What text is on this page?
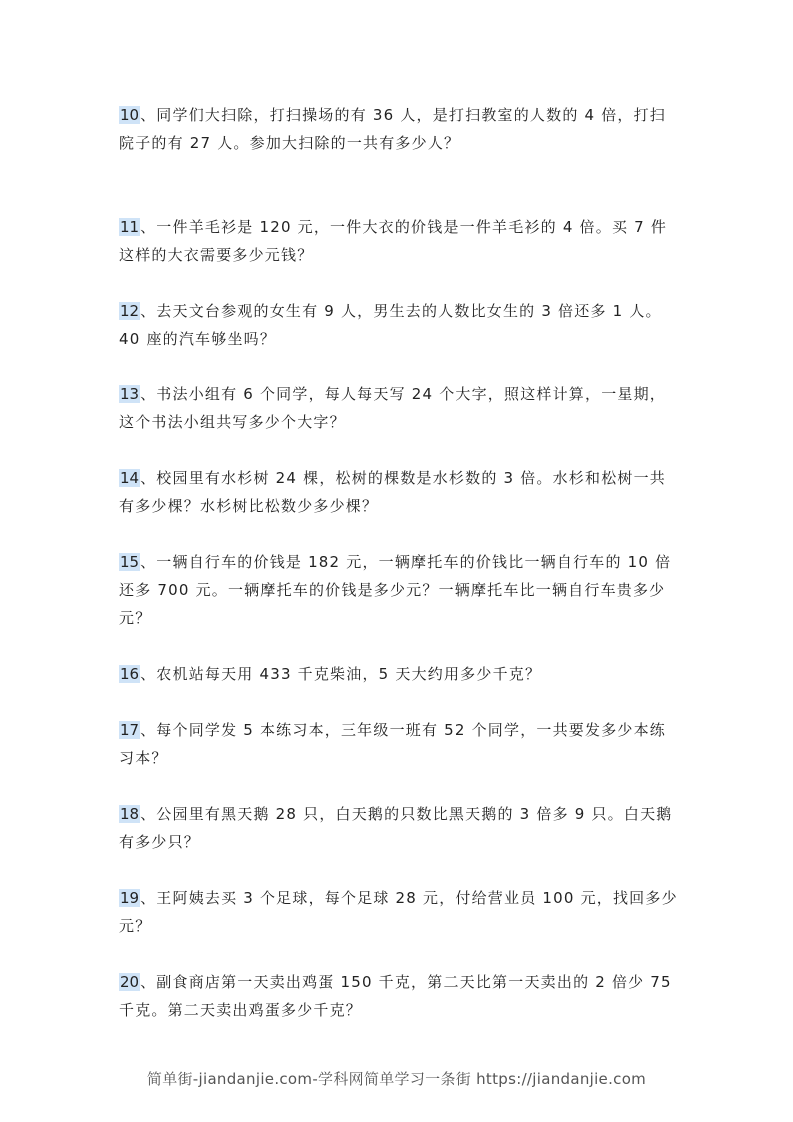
10、同学们大扫除，打扫操场的有 36 人，是打扫教室的人数的 4 倍，打扫院子的有 27 人。参加大扫除的一共有多少人？

11、一件羊毛衫是 120 元，一件大衣的价钱是一件羊毛衫的 4 倍。买 7 件这样的大衣需要多少元钱？

12、去天文台参观的女生有 9 人，男生去的人数比女生的 3 倍还多 1 人。40 座的汽车够坐吗？

13、书法小组有 6 个同学，每人每天写 24 个大字，照这样计算，一星期，这个书法小组共写多少个大字？

14、校园里有水杉树 24 棵，松树的棵数是水杉数的 3 倍。水杉和松树一共有多少棵？水杉树比松数少多少棵？

15、一辆自行车的价钱是 182 元，一辆摩托车的价钱比一辆自行车的 10 倍还多 700 元。一辆摩托车的价钱是多少元？一辆摩托车比一辆自行车贵多少元？

16、农机站每天用 433 千克柴油，5 天大约用多少千克？

17、每个同学发 5 本练习本，三年级一班有 52 个同学，一共要发多少本练习本？

18、公园里有黑天鹅 28 只，白天鹅的只数比黑天鹅的 3 倍多 9 只。白天鹅有多少只？

19、王阿姨去买 3 个足球，每个足球 28 元，付给营业员 100 元，找回多少元？

20、副食商店第一天卖出鸡蛋 150 千克，第二天比第一天卖出的 2 倍少 75 千克。第二天卖出鸡蛋多少千克？

简单街-jiandanjie.com-学科网简单学习一条街 https://jiandanjie.com
